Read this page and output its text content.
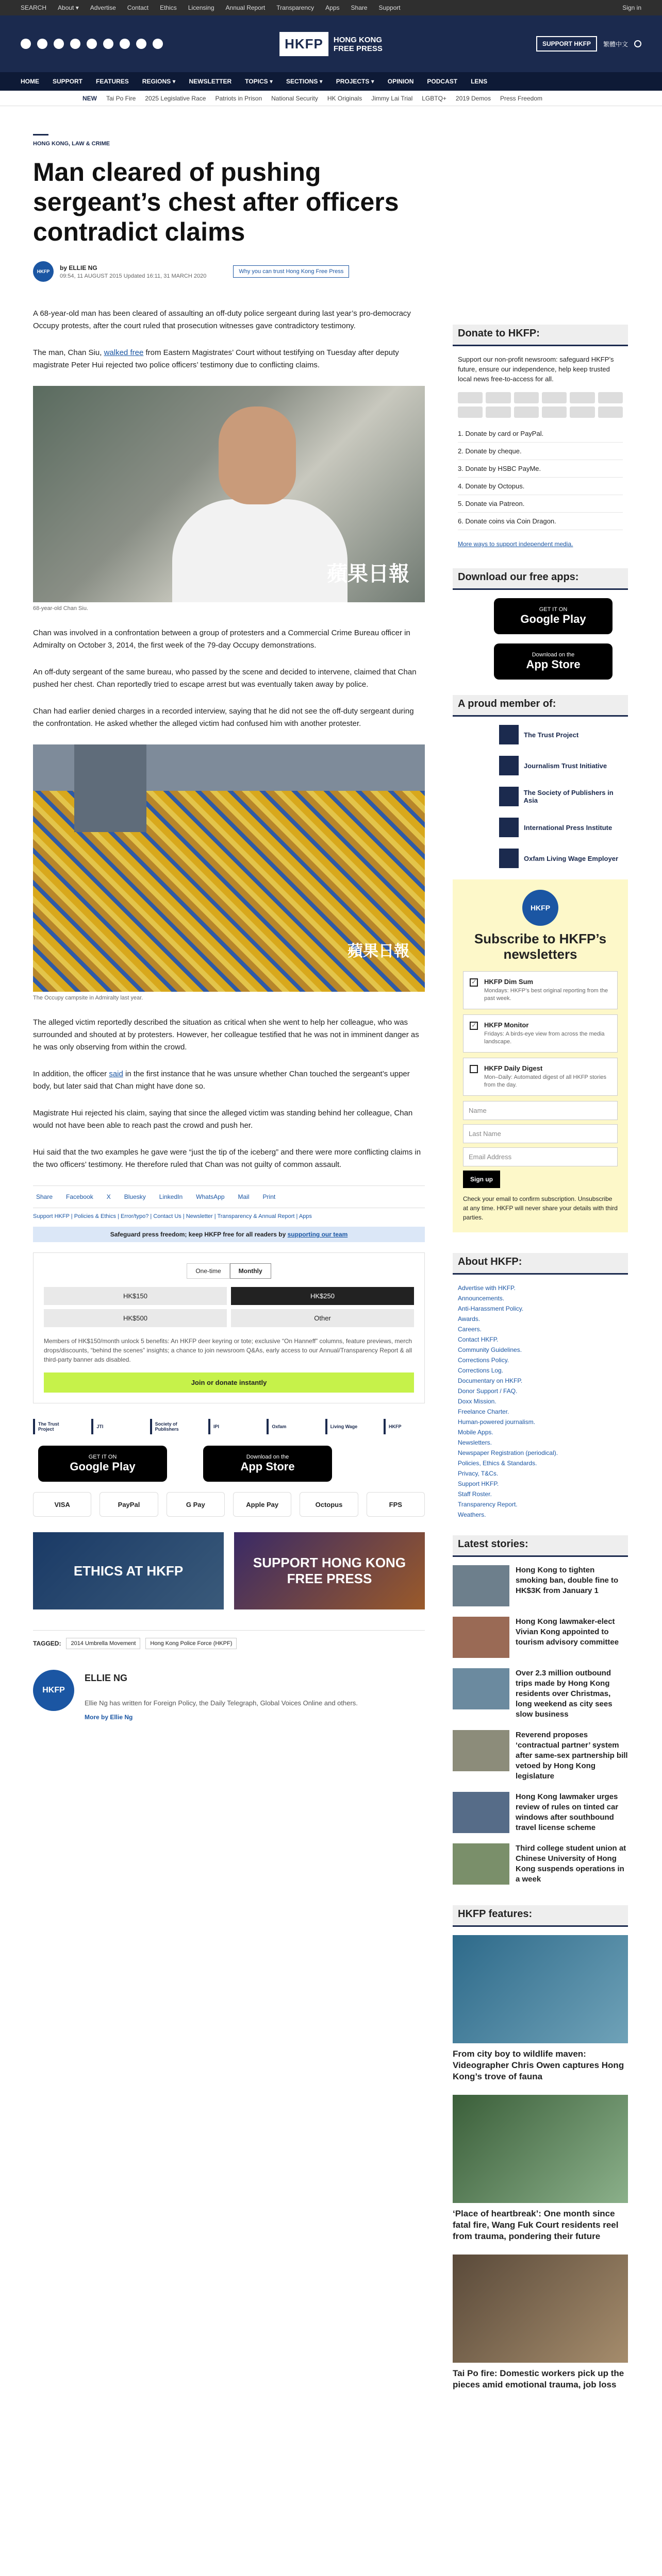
SEARCH About ▾ Advertise Contact Ethics Licensing Annual Report Transparency Apps Share Support	Sign in
HKFP	HONG KONG
FREE PRESS
SUPPORT HKFP	繁體中文
HOME SUPPORT FEATURES REGIONS ▾ NEWSLETTER TOPICS ▾ SECTIONS ▾ PROJECTS ▾ OPINION PODCAST LENS
NEW Tai Po Fire 2025 Legislative Race Patriots in Prison National Security HK Originals Jimmy Lai Trial LGBTQ+ 2019 Demos Press Freedom
HONG KONG, LAW & CRIME
Man cleared of pushing sergeant’s chest after officers contradict claims
HKFP
by ELLIE NG
09:54, 11 AUGUST 2015 Updated 16:11, 31 MARCH 2020
Why you can trust Hong Kong Free Press

A 68-year-old man has been cleared of assaulting an off-duty police sergeant during last year’s pro-democracy Occupy protests, after the court ruled that prosecution witnesses gave contradictory testimony.

The man, Chan Siu, walked free from Eastern Magistrates’ Court without testifying on Tuesday after deputy magistrate Peter Hui rejected two police officers’ testimony due to conflicting claims.

蘋果日報
68-year-old Chan Siu.

Chan was involved in a confrontation between a group of protesters and a Commercial Crime Bureau officer in Admiralty on October 3, 2014, the first week of the 79-day Occupy demonstrations.

An off-duty sergeant of the same bureau, who passed by the scene and decided to intervene, claimed that Chan pushed her chest. Chan reportedly tried to escape arrest but was eventually taken away by police.

Chan had earlier denied charges in a recorded interview, saying that he did not see the off-duty sergeant during the confrontation. He asked whether the alleged victim had confused him with another protester.

蘋果日報
The Occupy campsite in Admiralty last year.

The alleged victim reportedly described the situation as critical when she went to help her colleague, who was surrounded and shouted at by protesters. However, her colleague testified that he was not in imminent danger as he was only observing from within the crowd.

In addition, the officer said in the first instance that he was unsure whether Chan touched the sergeant’s upper body, but later said that Chan might have done so.

Magistrate Hui rejected his claim, saying that since the alleged victim was standing behind her colleague, Chan would not have been able to reach past the crowd and push her.

Hui said that the two examples he gave were “just the tip of the iceberg” and there were more conflicting claims in the two officers’ testimony. He therefore ruled that Chan was not guilty of common assault.

Share	Facebook	X	Bluesky	LinkedIn	WhatsApp	Mail	Print
Support HKFP | Policies & Ethics | Error/typo? | Contact Us | Newsletter | Transparency & Annual Report | Apps
Safeguard press freedom; keep HKFP free for all readers by supporting our team
One-time	Monthly
HK$150	HK$250
HK$500	Other
Members of HK$150/month unlock 5 benefits: An HKFP deer keyring or tote; exclusive “On Hanneff” columns, feature previews, merch drops/discounts, “behind the scenes” insights; a chance to join newsroom Q&As, early access to our Annual/Transparency Report & all third-party banner ads disabled.
Join or donate instantly
The Trust Project	JTI	Society of Publishers	IPI	Oxfam	Living Wage	HKFP
GET IT ON
Google Play
Download on the
App Store
VISA	PayPal	G Pay	Apple Pay	Octopus	FPS
ETHICS AT HKFP
SUPPORT HONG KONG FREE PRESS
TAGGED:	2014 Umbrella Movement	Hong Kong Police Force (HKPF)
HKFP
ELLIE NG
Ellie Ng has written for Foreign Policy, the Daily Telegraph, Global Voices Online and others.
More by Ellie Ng
Donate to HKFP:
Support our non-profit newsroom: safeguard HKFP’s future, ensure our independence, help keep trusted local news free-to-access for all.
1. Donate by card or PayPal.
2. Donate by cheque.
3. Donate by HSBC PayMe.
4. Donate by Octopus.
5. Donate via Patreon.
6. Donate coins via Coin Dragon.
More ways to support independent media.
Download our free apps:
GET IT ON
Google Play
Download on the
App Store
A proud member of:
The Trust Project
Journalism Trust Initiative
The Society of Publishers in Asia
International Press Institute
Oxfam Living Wage Employer
HKFP
Subscribe to HKFP’s newsletters
✓
HKFP Dim Sum
Mondays: HKFP’s best original reporting from the past week.
✓
HKFP Monitor
Fridays: A birds-eye view from across the media landscape.
HKFP Daily Digest
Mon–Daily: Automated digest of all HKFP stories from the day.
Name
Last Name
Email Address
Sign up
Check your email to confirm subscription. Unsubscribe at any time. HKFP will never share your details with third parties.
About HKFP:
Advertise with HKFP.
Announcements.
Anti-Harassment Policy.
Awards.
Careers.
Contact HKFP.
Community Guidelines.
Corrections Policy.
Corrections Log.
Documentary on HKFP.
Donor Support / FAQ.
Doxx Mission.
Freelance Charter.
Human-powered journalism.
Mobile Apps.
Newsletters.
Newspaper Registration (periodical).
Policies, Ethics & Standards.
Privacy, T&Cs.
Support HKFP.
Staff Roster.
Transparency Report.
Weathers.
Latest stories:
Hong Kong to tighten smoking ban, double fine to HK$3K from January 1
Hong Kong lawmaker-elect Vivian Kong appointed to tourism advisory committee
Over 2.3 million outbound trips made by Hong Kong residents over Christmas, long weekend as city sees slow business
Reverend proposes ‘contractual partner’ system after same-sex partnership bill vetoed by Hong Kong legislature
Hong Kong lawmaker urges review of rules on tinted car windows after southbound travel license scheme
Third college student union at Chinese University of Hong Kong suspends operations in a week
HKFP features:
From city boy to wildlife maven: Videographer Chris Owen captures Hong Kong’s trove of fauna
‘Place of heartbreak’: One month since fatal fire, Wang Fuk Court residents reel from trauma, pondering their future
Tai Po fire: Domestic workers pick up the pieces amid emotional trauma, job loss
